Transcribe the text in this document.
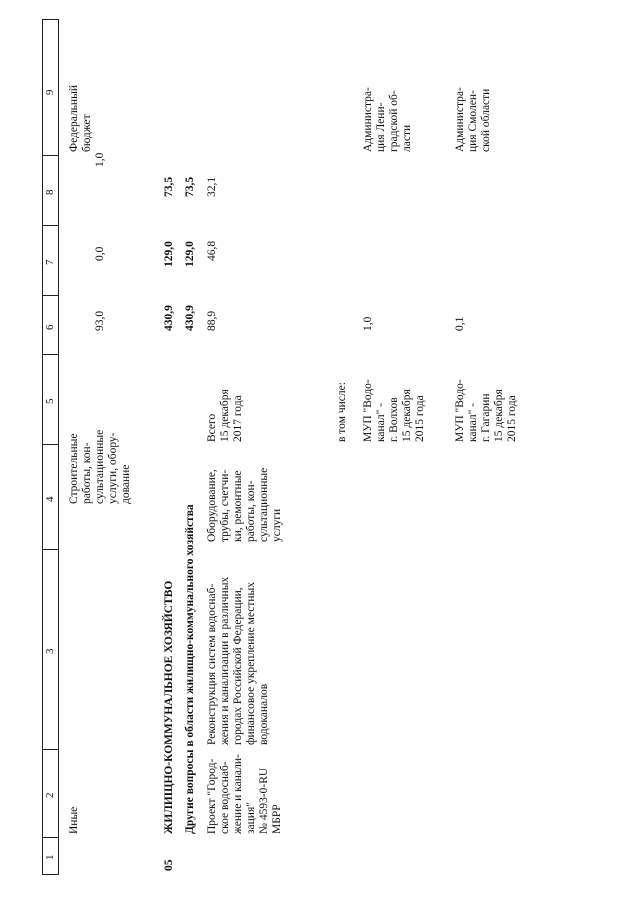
1
2
3
4
5
6
7
8
9
Иные
Строительные
работы, кон-
сультационные
услуги, обору-
дование
93,0
0,0
1,0
Федеральный
бюджет
05
ЖИЛИЩНО-КОММУНАЛЬНОЕ ХОЗЯЙСТВО
430,9
129,0
73,5
Другие вопросы в области жилищно-коммунального хозяйства
430,9
129,0
73,5
Проект "Город-
ское водоснаб-
жение и канали-
зация"
№ 4593-0-RU
МБРР
Реконструкция систем водоснаб-
жения и канализации в различных
городах Российской Федерации,
финансовое укрепление местных
водоканалов
Оборудование,
трубы, счетчи-
ки, ремонтные
работы, кон-
сультационные
услуги
Всего
15 декабря
2017 года
88,9
46,8
32,1
в том числе: МУП "Водо-
канал" -
г. Волхов
15 декабря
2015 года
1,0
Администра-
ция Лени-
градской об-
ласти
МУП "Водо-
канал" -
г. Гагарин
15 декабря
2015 года
0,1
Администра-
ция Смолен-
ской области
